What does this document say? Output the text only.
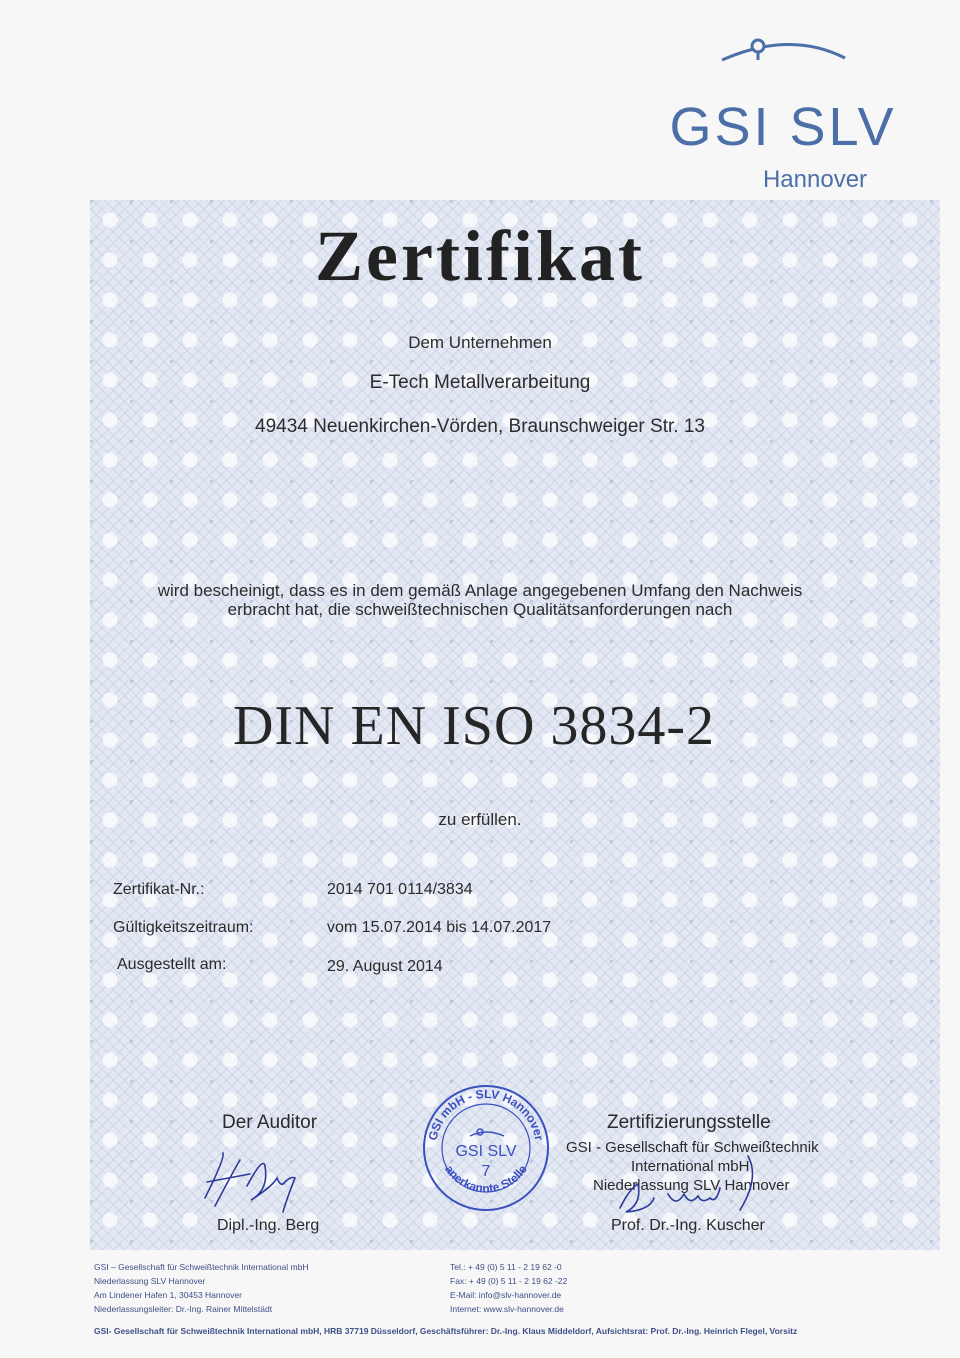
GSI SLV
Hannover
Zertifikat
Dem Unternehmen
E-Tech Metallverarbeitung
49434 Neuenkirchen-Vörden, Braunschweiger Str. 13
wird bescheinigt, dass es in dem gemäß Anlage angegebenen Umfang den Nachweis
erbracht hat, die schweißtechnischen Qualitätsanforderungen nach
DIN EN ISO 3834-2
zu erfüllen.
Zertifikat-Nr.:	2014 701 0114/3834
Gültigkeitszeitraum:	vom 15.07.2014 bis 14.07.2017
Ausgestellt am:	29. August 2014
Der Auditor
Dipl.-Ing. Berg
GSI mbH - SLV Hannover
anerkannte Stelle
GSI SLV
7
Zertifizierungsstelle
GSI - Gesellschaft für Schweißtechnik
International mbH
Niederlassung SLV Hannover
Prof. Dr.-Ing. Kuscher
GSI – Gesellschaft für Schweißtechnik International mbH
Niederlassung SLV Hannover
Am Lindener Hafen 1, 30453 Hannover
Niederlassungsleiter: Dr.-Ing. Rainer Mittelstädt
Tel.: + 49 (0) 5 11 - 2 19 62 -0
Fax: + 49 (0) 5 11 - 2 19 62 -22
E-Mail: info@slv-hannover.de
Internet: www.slv-hannover.de
GSI- Gesellschaft für Schweißtechnik International mbH, HRB 37719 Düsseldorf, Geschäftsführer: Dr.-Ing. Klaus Middeldorf, Aufsichtsrat: Prof. Dr.-Ing. Heinrich Flegel, Vorsitz
